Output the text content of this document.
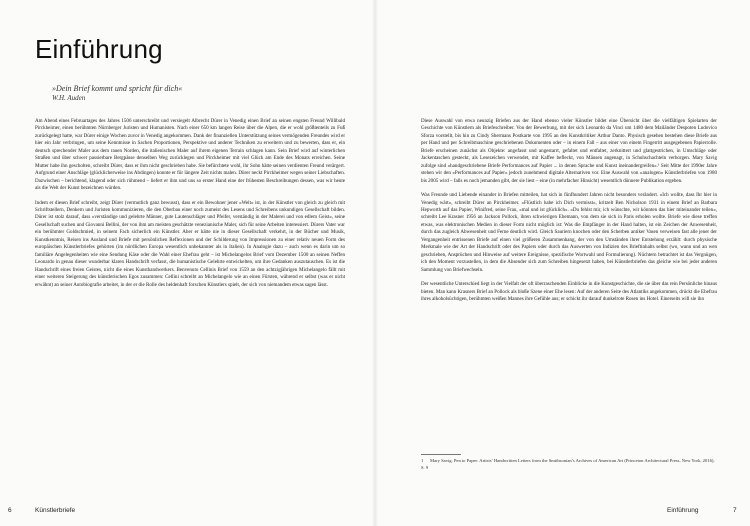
Einführung
»Dein Brief kommt und spricht für dich«
W.H. Auden

Am Abend eines Februartages des Jahres 1506 unterschreibt und versiegelt Albrecht Dürer in Venedig einen Brief an seinen engsten Freund Willibald Pirckheimer, einen berühmten Nürnberger Juristen und Humanisten. Nach einer 650 km langen Reise über die Alpen, die er wohl größtenteils zu Fuß zurückgelegt hatte, war Dürer einige Wochen zuvor in Venedig angekommen. Dank der finanziellen Unterstützung seines vermögenden Freundes wird er hier ein Jahr verbringen, um seine Kenntnisse in Sachen Proportionen, Perspektive und anderer Techniken zu erweitern und zu bewerten, dass er, ein deutsch sprechender Maler aus dem rauen Norden, die italienischen Maler auf ihrem eigenen Terrain schlagen kann. Sein Brief wird auf winterlichen Straßen und über schwer passierbare Bergpässe denselben Weg zurücklegen und Pirckheimer mit viel Glück am Ende des Monats erreichen. Seine Mutter habe ihn gescholten, schreibt Dürer, dass er ihm nicht geschrieben habe. Sie befürchtete wohl, ihr Sohn hätte seinen verdienten Freund verärgert. Aufgrund einer Anschläge (glücklicherweise ins Abdingen) konnte er für längere Zeit nichts malen. Dürer neckt Pirckheimer wegen seiner Liebschaften. Dazwischen – berichtend, klagend oder sich rühmend – liefert er ihm und uns so erster Hand eine der frühesten Beschreibungen dessen, was wir heute als die Welt der Kunst bezeichnen würden.

Indem er diesen Brief schreibt, zeigt Dürer (vermutlich ganz bewusst), dass er ein Bewohner jener »Welt« ist, in der Künstler von gleich zu gleich mit Schriftstellern, Denkern und Juristen kommunizieren, die den Oberbau einer noch zumeist des Lesens und Schreibens unkundigen Gesellschaft bilden. Dürer ist stolz darauf, dass »verständige und gelehrte Männer, gute Lautenschläger und Pfeifer, verständig in der Malerei und von edlem Geist«, seine Gesellschaft suchen und Giovanni Bellini, der von ihm am meisten geschätzte venezianische Maler, sich für seine Arbeiten interessiert. Dürers Vater war ein berühmter Goldschmied, in seinem Fach sicherlich ein Künstler. Aber er hätte nie in dieser Gesellschaft verkehrt, in der Bücher und Musik, Kunstkenntnis, Reisen ins Ausland und Briefe mit persönlichen Reflexionen und der Schilderung von Impressionen zu einer relativ neuen Form des europäischen Künstlerbriefes gehörten (im nördlichen Europa wesentlich unbekannter als in Italien). In Analogie dazu – auch wenn es darin um so familiäre Angelegenheiten wie eine Sendung Käse oder die Wahl einer Ehefrau geht – ist Michelangelos Brief vom Dezember 1500 an seinen Neffen Leonardo in genau dieser wunderbar klaren Handschrift verfasst, die humanistische Gelehrte entwickelten, um ihre Gedanken auszutauschen. Es ist die Handschrift eines freien Geistes, nicht die eines Kunsthandwerkers. Benvenuto Cellinis Brief von 1559 an den achtzigjährigen Michelangelo fällt mit einer weiteren Steigerung des künstlerischen Egos zusammen: Cellini schreibt an Michelangelo wie an einen Fürsten, während er selbst (was er nicht erwähnt) an seiner Autobiografie arbeitet, in der er die Rolle des heldenhaft forschen Künstlers spielt, der sich von niemandem etwas sagen lässt.

6	Künstlerbriefe

Diese Auswahl von etwa neunzig Briefen aus der Hand ebenso vieler Künstler bildet eine Übersicht über die vielfältigen Spielarten der Geschichte von Künstlern als Briefeschreiber. Von der Bewerbung, mit der sich Leonardo da Vinci um 1480 dem Mailänder Despoten Ludovico Sforza vorstellt, bis hin zu Cindy Shermans Postkarte von 1995 an den Kunstkritiker Arthur Danto. Physisch gesehen bestehen diese Briefe aus per Hand und per Schreibmaschine geschriebenen Dokumenten oder – in einem Fall – aus einer von einem Fingerritt ausgegebenen Papierrolle. Briefe erscheinen zunächst als Objekte: angefasst und angestarrt, gefaltet und entfaltet, zerknittert und glattgestrichen, in Umschläge oder Jackentaschen gesteckt, als Lesezeichen verwendet, mit Kaffee befleckt, von Mäusen angenagt, in Schuhschachteln verborgen. Mary Savig zufolge sind »handgeschriebene Briefe Performances auf Papier ... in denen Sprache und Kunst ineinandergreifen«.¹ Seit Mitte der 1990er Jahre stehen wir den »Performances auf Papier« jedoch zunehmend digitale Alternativen vor. Eine Auswahl von »analogen« Künstlerbriefen von 1980 bis 2005 wird – falls es noch jemanden gibt, der sie liest – eine (in mehrfacher Hinsicht) wesentlich dünnere Publikation ergeben.

Was Freunde und Liebende einander in Briefen mitteilen, hat sich in fünfhundert Jahren nicht besonders verändert. »Ich wollte, dass Ihr hier in Venedig wärt«, schreibt Dürer an Pirckheimer. »Flüstlich habe ich Dich vermisst«, kritzelt Ben Nicholson 1931 in einem Brief an Barbara Hepworth auf das Papier, Winifred, seine Frau, »mal und ist glücklich«. »Du fehlst mir, ich wünschte, wir könnten das hier miteinander teilen«, schreibt Lee Krasner 1956 an Jackson Pollock, ihren schwierigen Ehemann, von dem sie sich in Paris erholen wollte. Briefe wie diese treffen etwas, was elektronischen Medien in dieser Form nicht möglich ist: Was die Empfänger in der Hand halten, ist ein Zeichen der Anwesenheit, durch das zugleich Abwesenheit und Ferne deutlich wird. Gleich Sauriern knochen oder den Scherben antiker Vasen verweisen fast alle jener der Vergangenheit entrissenen Briefe auf einen viel größeren Zusammenhang, der von den Umständen ihrer Entstehung erzählt: durch physische Merkmale wie der Art der Handschrift oder des Papiers oder durch das Auswerten von Indizien des Brieftinhalts selbst (wo, wann und an wen geschrieben, Ansprüchen und Hinweise auf weitere Ereignisse, spezifische Wortwahl und Formulierung). Nüchtern betrachtet ist das Vergnügen, ich den Moment vorzustellen, in dem die Absender sich zum Schreiben hingesetzt haben, bei Künstlerbriefen das gleiche wie bei jeder anderen Sammlung von Briefwechseln.

Der wesentliche Unterschied liegt in der Vielfalt der oft überraschenden Einblicke in die Kunstgeschichte, die sie über das rein Persönliche hinaus bieten. Man kann Krasners Brief an Pollock als bloße Szene einer Ehe lesen: Auf der anderen Seite des Atlantiks angekommen, drückt die Ehefrau ihres alkoholsüchtigen, berühmten weißen Mannes ihre Gefühle aus; er schickt ihr darauf dunkelrote Rosen ins Hotel. Einerseits will sie ihn

1 Mary Savig, Pen to Paper: Artists’ Handwritten Letters from the Smithsonian’s Archives of American Art (Princeton Architectural Press, New York, 2016), S. 9
Einführung	7
